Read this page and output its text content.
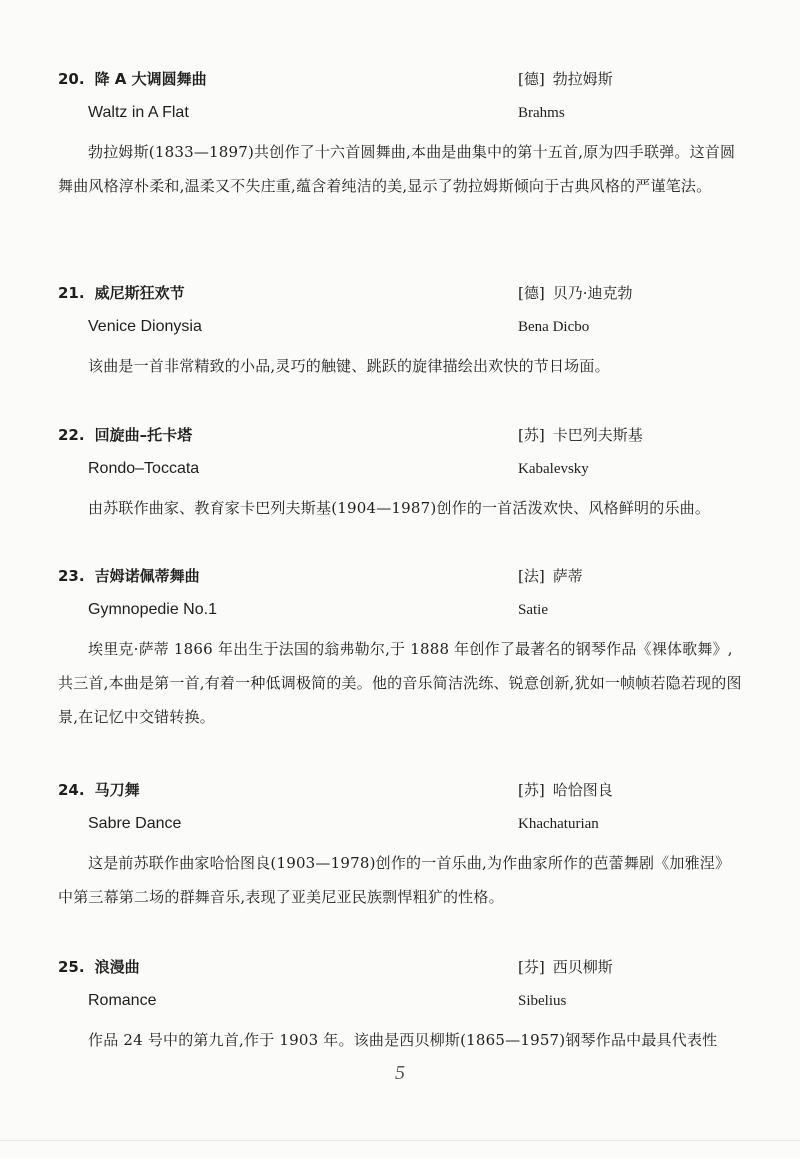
20. 降 A 大调圆舞曲	[德] 勃拉姆斯
Waltz in A Flat	Brahms

勃拉姆斯(1833—1897)共创作了十六首圆舞曲,本曲是曲集中的第十五首,原为四手联弹。这首圆舞曲风格淳朴柔和,温柔又不失庄重,蕴含着纯洁的美,显示了勃拉姆斯倾向于古典风格的严谨笔法。

21. 威尼斯狂欢节	[德] 贝乃·迪克勃
Venice Dionysia	Bena Dicbo

该曲是一首非常精致的小品,灵巧的触键、跳跃的旋律描绘出欢快的节日场面。

22. 回旋曲–托卡塔	[苏] 卡巴列夫斯基
Rondo–Toccata	Kabalevsky

由苏联作曲家、教育家卡巴列夫斯基(1904—1987)创作的一首活泼欢快、风格鲜明的乐曲。

23. 吉姆诺佩蒂舞曲	[法] 萨蒂
Gymnopedie No.1	Satie

埃里克·萨蒂 1866 年出生于法国的翁弗勒尔,于 1888 年创作了最著名的钢琴作品《裸体歌舞》,共三首,本曲是第一首,有着一种低调极简的美。他的音乐简洁洗练、锐意创新,犹如一帧帧若隐若现的图景,在记忆中交错转换。

24. 马刀舞	[苏] 哈恰图良
Sabre Dance	Khachaturian

这是前苏联作曲家哈恰图良(1903—1978)创作的一首乐曲,为作曲家所作的芭蕾舞剧《加雅涅》中第三幕第二场的群舞音乐,表现了亚美尼亚民族剽悍粗犷的性格。

25. 浪漫曲	[芬] 西贝柳斯
Romance	Sibelius

作品 24 号中的第九首,作于 1903 年。该曲是西贝柳斯(1865—1957)钢琴作品中最具代表性

5
